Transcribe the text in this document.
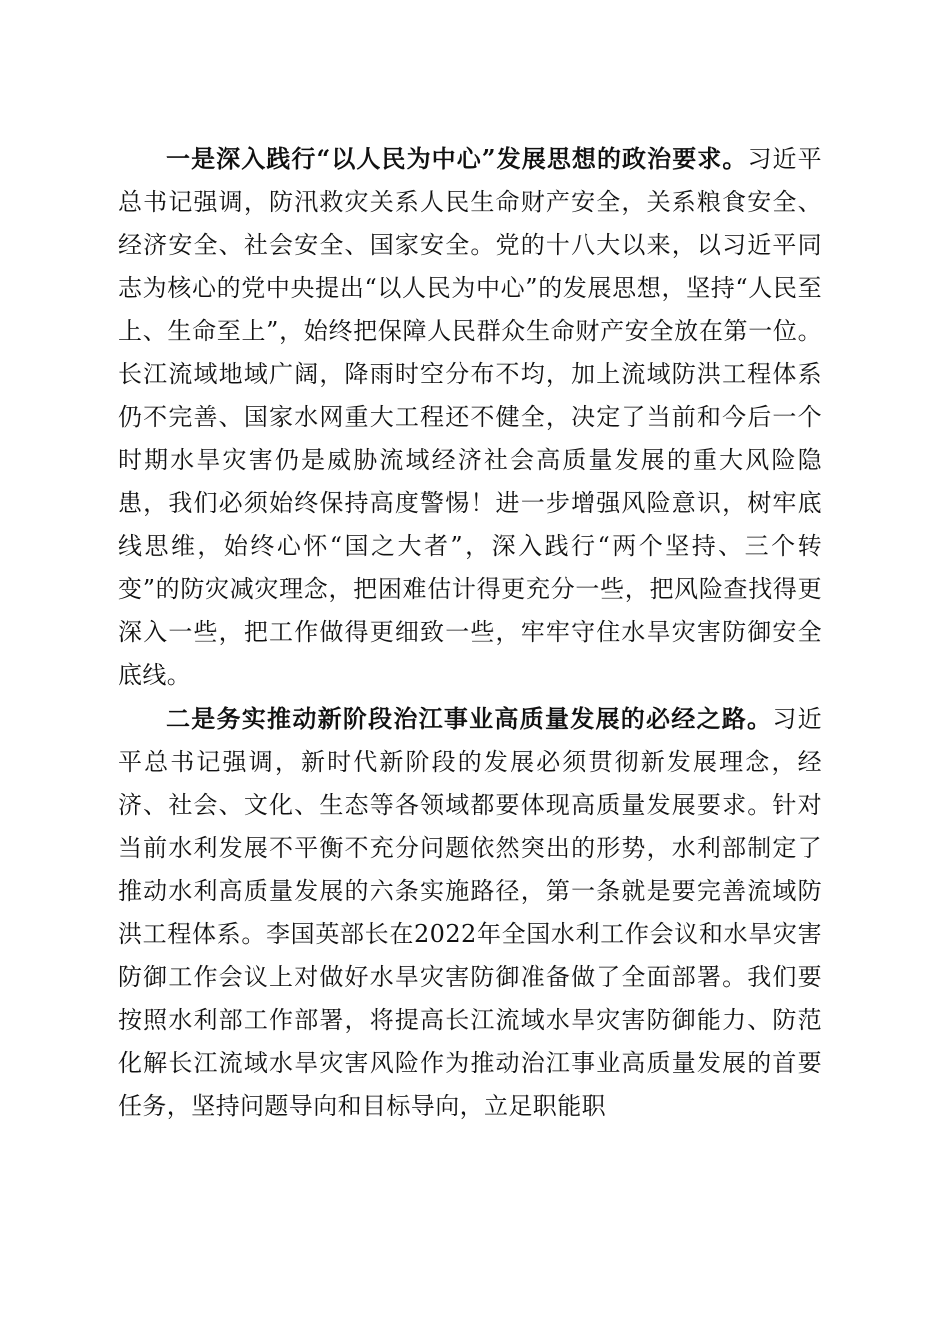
一是深入践行“以人民为中心”发展思想的政治要求。习近平总书记强调，防汛救灾关系人民生命财产安全，关系粮食安全、经济安全、社会安全、国家安全。党的十八大以来，以习近平同志为核心的党中央提出“以人民为中心”的发展思想，坚持“人民至上、生命至上”，始终把保障人民群众生命财产安全放在第一位。长江流域地域广阔，降雨时空分布不均，加上流域防洪工程体系仍不完善、国家水网重大工程还不健全，决定了当前和今后一个时期水旱灾害仍是威胁流域经济社会高质量发展的重大风险隐患，我们必须始终保持高度警惕！进一步增强风险意识，树牢底线思维，始终心怀“国之大者”，深入践行“两个坚持、三个转变”的防灾减灾理念，把困难估计得更充分一些，把风险查找得更深入一些，把工作做得更细致一些，牢牢守住水旱灾害防御安全底线。

二是务实推动新阶段治江事业高质量发展的必经之路。习近平总书记强调，新时代新阶段的发展必须贯彻新发展理念，经济、社会、文化、生态等各领域都要体现高质量发展要求。针对当前水利发展不平衡不充分问题依然突出的形势，水利部制定了推动水利高质量发展的六条实施路径，第一条就是要完善流域防洪工程体系。李国英部长在2022年全国水利工作会议和水旱灾害防御工作会议上对做好水旱灾害防御准备做了全面部署。我们要按照水利部工作部署，将提高长江流域水旱灾害防御能力、防范化解长江流域水旱灾害风险作为推动治江事业高质量发展的首要任务，坚持问题导向和目标导向，立足职能职
